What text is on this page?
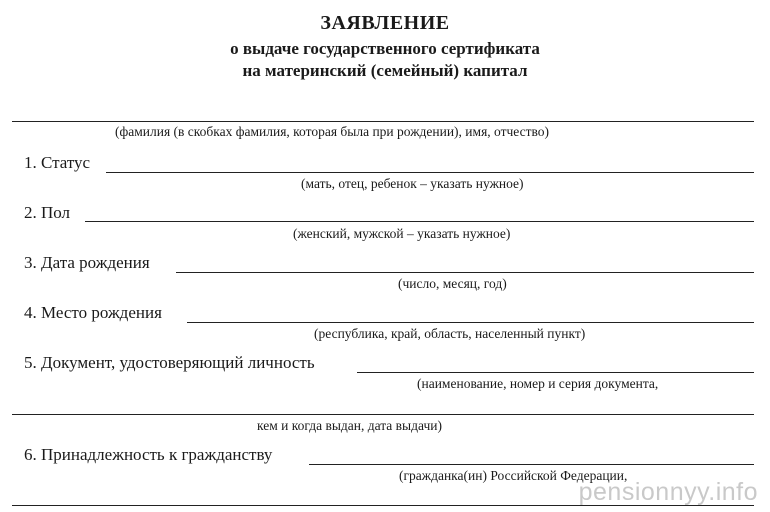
ЗАЯВЛЕНИЕ
о выдаче государственного сертификата
на материнский (семейный) капитал
(фамилия (в скобках фамилия, которая была при рождении), имя, отчество)
1. Статус
(мать, отец, ребенок – указать нужное)
2. Пол
(женский, мужской – указать нужное)
3. Дата рождения
(число, месяц, год)
4. Место рождения
(республика, край, область, населенный пункт)
5. Документ, удостоверяющий личность
(наименование, номер и серия документа,
кем и когда выдан, дата выдачи)
6. Принадлежность к гражданству
(гражданка(ин) Российской Федерации,
pensionnyy.info
